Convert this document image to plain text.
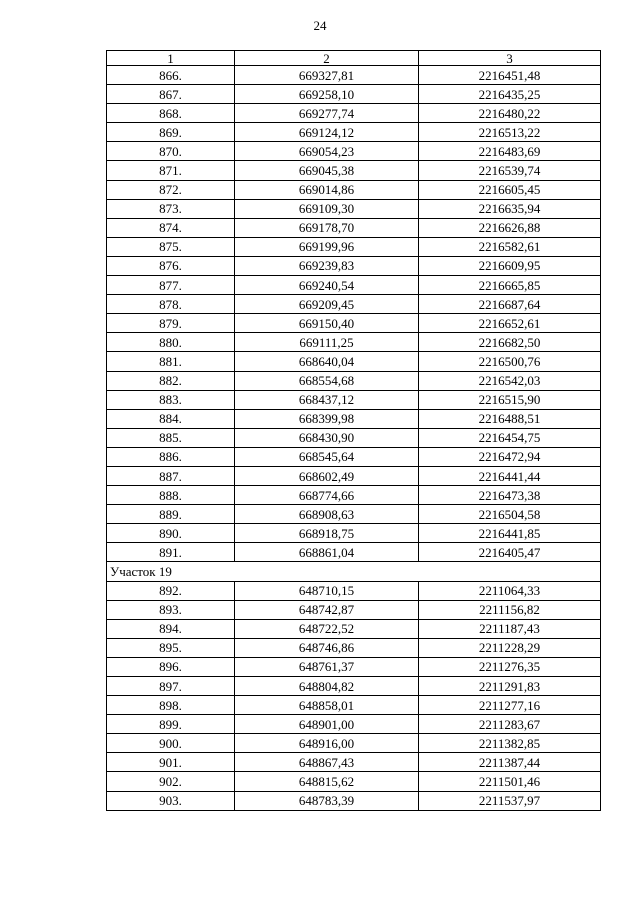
24
1	2	3
866.	669327,81	2216451,48
867.	669258,10	2216435,25
868.	669277,74	2216480,22
869.	669124,12	2216513,22
870.	669054,23	2216483,69
871.	669045,38	2216539,74
872.	669014,86	2216605,45
873.	669109,30	2216635,94
874.	669178,70	2216626,88
875.	669199,96	2216582,61
876.	669239,83	2216609,95
877.	669240,54	2216665,85
878.	669209,45	2216687,64
879.	669150,40	2216652,61
880.	669111,25	2216682,50
881.	668640,04	2216500,76
882.	668554,68	2216542,03
883.	668437,12	2216515,90
884.	668399,98	2216488,51
885.	668430,90	2216454,75
886.	668545,64	2216472,94
887.	668602,49	2216441,44
888.	668774,66	2216473,38
889.	668908,63	2216504,58
890.	668918,75	2216441,85
891.	668861,04	2216405,47
Участок 19		
892.	648710,15	2211064,33
893.	648742,87	2211156,82
894.	648722,52	2211187,43
895.	648746,86	2211228,29
896.	648761,37	2211276,35
897.	648804,82	2211291,83
898.	648858,01	2211277,16
899.	648901,00	2211283,67
900.	648916,00	2211382,85
901.	648867,43	2211387,44
902.	648815,62	2211501,46
903.	648783,39	2211537,97
